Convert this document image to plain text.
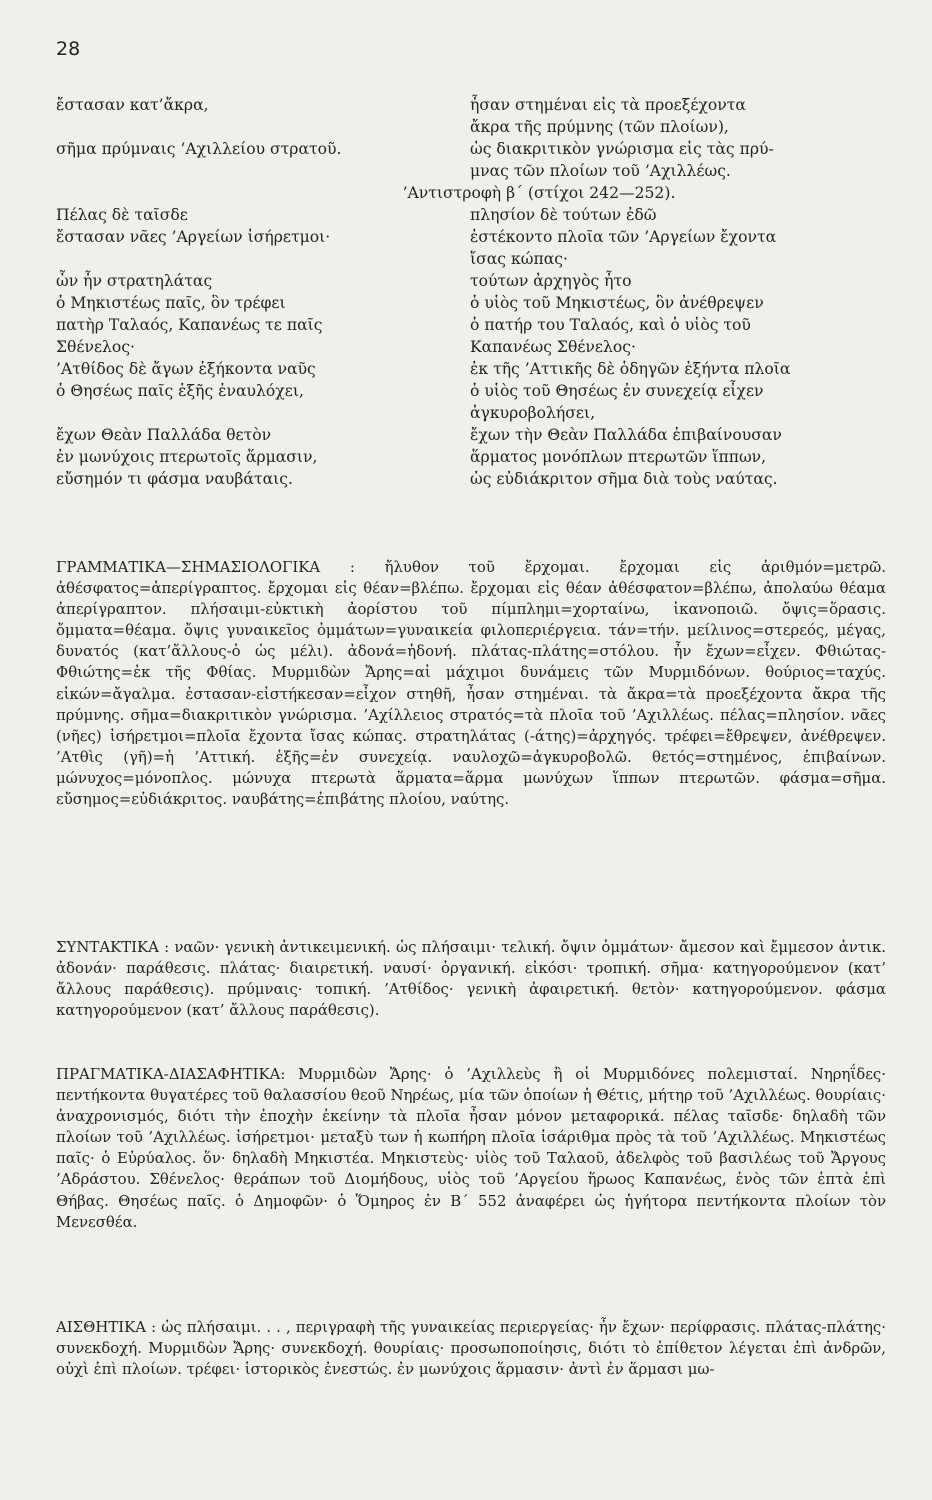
28
ἔστασαν κατ’ἄκρα,	ἦσαν στημέναι εἰς τὰ προεξέχοντα
ἄκρα τῆς πρύμνης (τῶν πλοίων),
σῆμα πρύμναις ’Αχιλλείου στρατοῦ.	ὡς διακριτικὸν γνώρισμα εἰς τὰς πρύ-
μνας τῶν πλοίων τοῦ ’Αχιλλέως.
’Αντιστροφὴ β΄ (στίχοι 242—252).
Πέλας δὲ ταῖσδε	πλησίον δὲ τούτων ἐδῶ
ἔστασαν νᾶες ’Αργείων ἰσήρετμοι·	ἐστέκοντο πλοῖα τῶν ’Αργείων ἔχοντα
ἴσας κώπας·
ὧν ἦν στρατηλάτας	τούτων ἀρχηγὸς ἦτο
ὁ Μηκιστέως παῖς, ὃν τρέφει	ὁ υἱὸς τοῦ Μηκιστέως, ὃν ἀνέθρεψεν
πατὴρ Ταλαός, Καπανέως τε παῖς	ὁ πατήρ του Ταλαός, καὶ ὁ υἱὸς τοῦ
Σθένελος·	Καπανέως Σθένελος·
’Ατθίδος δὲ ἄγων ἑξήκοντα ναῦς	ἐκ τῆς ’Αττικῆς δὲ ὁδηγῶν ἑξήντα πλοῖα
ὁ Θησέως παῖς ἑξῆς ἐναυλόχει,	ὁ υἱὸς τοῦ Θησέως ἐν συνεχείᾳ εἶχεν
ἀγκυροβολήσει,
ἔχων Θεὰν Παλλάδα θετὸν	ἔχων τὴν Θεὰν Παλλάδα ἐπιβαίνουσαν
ἐν μωνύχοις πτερωτοῖς ἅρμασιν,	ἅρματος μονόπλων πτερωτῶν ἵππων,
εὔσημόν τι φάσμα ναυβάταις.	ὡς εὐδιάκριτον σῆμα διὰ τοὺς ναύτας.

ΓΡΑΜΜΑΤΙΚΑ—ΣΗΜΑΣΙΟΛΟΓΙΚΑ : ἤλυθον τοῦ ἔρχομαι. ἔρχομαι εἰς ἀριθμόν=μετρῶ. ἀθέσφατος=ἀπερίγραπτος. ἔρχομαι εἰς θέαν=βλέπω. ἔρχομαι εἰς θέαν ἀθέσφατον=βλέπω, ἀπολαύω θέαμα ἀπερίγραπτον. πλήσαιμι-εὐκτικὴ ἀορίστου τοῦ πίμπλημι=χορταίνω, ἱκανοποιῶ. ὄψις=ὅρασις. ὄμματα=θέαμα. ὄψις γυναικεῖος ὀμμάτων=γυναικεία φιλοπεριέργεια. τάν=τήν. μείλινος=στερεός, μέγας, δυνατός (κατ’ἄλλους-ὁ ὡς μέλι). ἀδονά=ἡδονή. πλάτας-πλάτης=στόλου. ἦν ἔχων=εἶχεν. Φθιώτας-Φθιώτης=ἐκ τῆς Φθίας. Μυρμιδὼν Ἄρης=αἱ μάχιμοι δυνάμεις τῶν Μυρμιδόνων. θούριος=ταχύς. εἰκών=ἄγαλμα. ἐστασαν-εἰστήκεσαν=εἶχον στηθῆ, ἦσαν στημέναι. τὰ ἄκρα=τὰ προεξέχοντα ἄκρα τῆς πρύμνης. σῆμα=διακριτικὸν γνώρισμα. ’Αχίλλειος στρατός=τὰ πλοῖα τοῦ ’Αχιλλέως. πέλας=πλησίον. νᾶες (νῆες) ἰσήρετμοι=πλοῖα ἔχοντα ἴσας κώπας. στρατηλάτας (-άτης)=ἀρχηγός. τρέφει=ἔθρεψεν, ἀνέθρεψεν. ’Ατθὶς (γῆ)=ἡ ’Αττική. ἑξῆς=ἐν συνεχείᾳ. ναυλοχῶ=ἀγκυροβολῶ. θετός=στημένος, ἐπιβαίνων. μώνυχος=μόνοπλος. μώνυχα πτερωτὰ ἅρματα=ἅρμα μωνύχων ἵππων πτερωτῶν. φάσμα=σῆμα. εὔσημος=εὐδιάκριτος. ναυβάτης=ἐπιβάτης πλοίου, ναύτης.

ΣΥΝΤΑΚΤΙΚΑ : ναῶν· γενικὴ ἀντικειμενική. ὡς πλήσαιμι· τελική. ὄψιν ὀμμάτων· ἄμεσον καὶ ἔμμεσον ἀντικ. ἀδονάν· παράθεσις. πλάτας· διαιρετική. ναυσί· ὀργανική. εἰκόσι· τροπική. σῆμα· κατηγορούμενον (κατ’ ἄλλους παράθεσις). πρύμναις· τοπική. ’Ατθίδος· γενικὴ ἀφαιρετική. θετὸν· κατηγορούμενον. φάσμα κατηγορούμενον (κατ’ ἄλλους παράθεσις).

ΠΡΑΓΜΑΤΙΚΑ-ΔΙΑΣΑΦΗΤΙΚΑ: Μυρμιδὼν Ἄρης· ὁ ’Αχιλλεὺς ἢ οἱ Μυρμιδόνες πολεμισταί. Νηρηΐδες· πεντήκοντα θυγατέρες τοῦ θαλασσίου θεοῦ Νηρέως, μία τῶν ὁποίων ἡ Θέτις, μήτηρ τοῦ ’Αχιλλέως. θουρίαις· ἀναχρονισμός, διότι τὴν ἐποχὴν ἐκείνην τὰ πλοῖα ἦσαν μόνον μεταφορικά. πέλας ταῖσδε· δηλαδὴ τῶν πλοίων τοῦ ’Αχιλλέως. ἰσήρετμοι· μεταξὺ των ἡ κωπήρη πλοῖα ἰσάριθμα πρὸς τὰ τοῦ ’Αχιλλέως. Μηκιστέως παῖς· ὁ Εὐρύαλος. ὅν· δηλαδὴ Μηκιστέα. Μηκιστεὺς· υἱὸς τοῦ Ταλαοῦ, ἀδελφὸς τοῦ βασιλέως τοῦ Ἄργους ’Αδράστου. Σθένελος· θεράπων τοῦ Διομήδους, υἱὸς τοῦ ’Αργείου ἥρωος Καπανέως, ἑνὸς τῶν ἑπτὰ ἐπὶ Θήβας. Θησέως παῖς. ὁ Δημοφῶν· ὁ Ὅμηρος ἐν Β΄ 552 ἀναφέρει ὡς ἡγήτορα πεντήκοντα πλοίων τὸν Μενεσθέα.

ΑΙΣΘΗΤΙΚΑ : ὡς πλήσαιμι. . . , περιγραφὴ τῆς γυναικείας περιεργείας· ἦν ἔχων· περίφρασις. πλάτας-πλάτης· συνεκδοχή. Μυρμιδὼν Ἄρης· συνεκδοχή. θουρίαις· προσωποποίησις, διότι τὸ ἐπίθετον λέγεται ἐπὶ ἀνδρῶν, οὐχὶ ἐπὶ πλοίων. τρέφει· ἱστορικὸς ἐνεστώς. ἐν μωνύχοις ἅρμασιν· ἀντὶ ἐν ἅρμασι μω-
